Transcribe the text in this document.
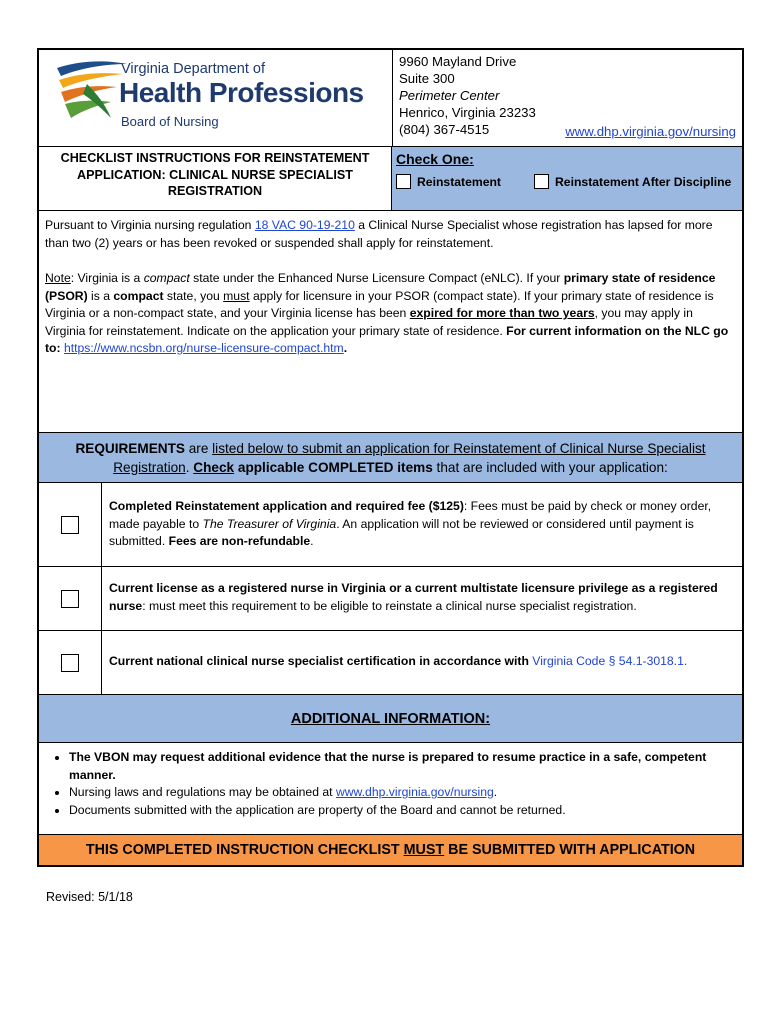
Virginia Department of
Health Professions
Board of Nursing
9960 Mayland Drive
Suite 300
Perimeter Center
Henrico, Virginia 23233
(804) 367-4515	www.dhp.virginia.gov/nursing
CHECKLIST INSTRUCTIONS FOR REINSTATEMENT
APPLICATION: CLINICAL NURSE SPECIALIST
REGISTRATION
Check One:
Reinstatement	Reinstatement After Discipline

Pursuant to Virginia nursing regulation 18 VAC 90-19-210 a Clinical Nurse Specialist whose registration has lapsed for more than two (2) years or has been revoked or suspended shall apply for reinstatement.

Note: Virginia is a compact state under the Enhanced Nurse Licensure Compact (eNLC). If your primary state of residence (PSOR) is a compact state, you must apply for licensure in your PSOR (compact state). If your primary state of residence is Virginia or a non-compact state, and your Virginia license has been expired for more than two years, you may apply in Virginia for reinstatement. Indicate on the application your primary state of residence. For current information on the NLC go to: https://www.ncsbn.org/nurse-licensure-compact.htm.

REQUIREMENTS are listed below to submit an application for Reinstatement of Clinical Nurse Specialist Registration. Check applicable COMPLETED items that are included with your application:
Completed Reinstatement application and required fee ($125): Fees must be paid by check or money order, made payable to The Treasurer of Virginia. An application will not be reviewed or considered until payment is submitted. Fees are non-refundable.
Current license as a registered nurse in Virginia or a current multistate licensure privilege as a registered nurse: must meet this requirement to be eligible to reinstate a clinical nurse specialist registration.
Current national clinical nurse specialist certification in accordance with Virginia Code § 54.1-3018.1.
ADDITIONAL INFORMATION:
• The VBON may request additional evidence that the nurse is prepared to resume practice in a safe, competent manner.
• Nursing laws and regulations may be obtained at www.dhp.virginia.gov/nursing.
• Documents submitted with the application are property of the Board and cannot be returned.
THIS COMPLETED INSTRUCTION CHECKLIST MUST BE SUBMITTED WITH APPLICATION
Revised: 5/1/18
